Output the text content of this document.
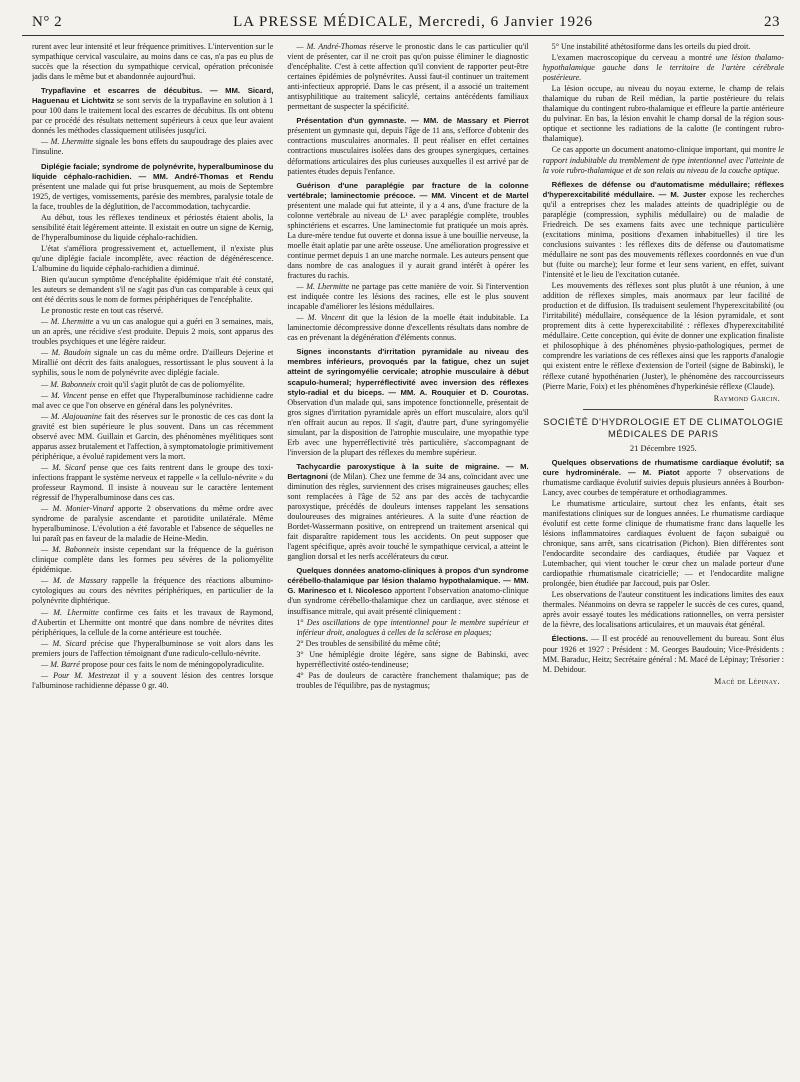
N° 2	LA PRESSE MÉDICALE, Mercredi, 6 Janvier 1926	23

rurent avec leur intensité et leur fréquence primitives. L'intervention sur le sympathique cervical vasculaire, au moins dans ce cas, n'a pas eu plus de succès que la résection du sympathique cervical, opération préconisée jadis dans le même but et abandonnée aujourd'hui.

Trypaflavine et escarres de décubitus. — MM. Sicard, Haguenau et Lichtwitz se sont servis de la trypaflavine en solution à 1 pour 100 dans le traitement local des escarres de décubitus. Ils ont obtenu par ce procédé des résultats nettement supérieurs à ceux que leur avaient donnés les méthodes classiquement utilisées jusqu'ici.

— M. Lhermitte signale les bons effets du saupoudrage des plaies avec l'insuline.

Diplégie faciale; syndrome de polynévrite, hyperalbuminose du liquide céphalo-rachidien. — MM. André-Thomas et Rendu présentent une malade qui fut prise brusquement, au mois de Septembre 1925, de vertiges, vomissements, parésie des membres, paralysie totale de la face, troubles de la déglutition, de l'accommodation, tachycardie.

Au début, tous les réflexes tendineux et périostés étaient abolis, la sensibilité était légèrement atteinte. Il existait en outre un signe de Kernig, de l'hyperalbuminose du liquide céphalo-rachidien.

L'état s'améliora progressivement et, actuellement, il n'existe plus qu'une diplégie faciale incomplète, avec réaction de dégénérescence. L'albumine du liquide céphalo-rachidien a diminué.

Bien qu'aucun symptôme d'encéphalite épidémique n'ait été constaté, les auteurs se demandent s'il ne s'agit pas d'un cas comparable à ceux qui ont été décrits sous le nom de formes périphériques de l'encéphalite.

Le pronostic reste en tout cas réservé.

— M. Lhermitte a vu un cas analogue qui a guéri en 3 semaines, mais, un an après, une récidive s'est produite. Depuis 2 mois, sont apparus des troubles psychiques et une légère raideur.

— M. Baudoin signale un cas du même ordre. D'ailleurs Dejerine et Mirallié ont décrit des faits analogues, ressortissant le plus souvent à la syphilis, sous le nom de polynévrite avec diplégie faciale.

— M. Babonneix croit qu'il s'agit plutôt de cas de poliomyélite.

— M. Vincent pense en effet que l'hyperalbuminose rachidienne cadre mal avec ce que l'on observe en général dans les polynévrites.

— M. Alajouanine fait des réserves sur le pronostic de ces cas dont la gravité est bien supérieure le plus souvent. Dans un cas récemment observé avec MM. Guillain et Garcin, des phénomènes myélitiques sont apparus assez brutalement et l'affection, à symptomatologie primitivement périphérique, a évolué rapidement vers la mort.

— M. Sicard pense que ces faits rentrent dans le groupe des toxi-infections frappant le système nerveux et rappelle « la cellulo-névrite » du professeur Raymond. Il insiste à nouveau sur le caractère lentement régressif de l'hyperalbuminose dans ces cas.

— M. Monier-Vinard apporte 2 observations du même ordre avec syndrome de paralysie ascendante et parotidite unilatérale. Même hyperalbuminose. L'évolution a été favorable et l'absence de séquelles ne lui paraît pas en faveur de la maladie de Heine-Medin.

— M. Babonneix insiste cependant sur la fréquence de la guérison clinique complète dans les formes peu sévères de la poliomyélite épidémique.

— M. de Massary rappelle la fréquence des réactions albumino-cytologiques au cours des névrites périphériques, en particulier de la polynévrite diphtérique.

— M. Lhermitte confirme ces faits et les travaux de Raymond, d'Aubertin et Lhermitte ont montré que dans nombre de névrites dites périphériques, la cellule de la corne antérieure est touchée.

— M. Sicard précise que l'hyperalbuminose se voit alors dans les premiers jours de l'affection témoignant d'une radiculo-cellulo-névrite.

— M. Barré propose pour ces faits le nom de méningopolyradiculite.

— Pour M. Mestrezat il y a souvent lésion des centres lorsque l'albuminose rachidienne dépasse 0 gr. 40.

— M. André-Thomas réserve le pronostic dans le cas particulier qu'il vient de présenter, car il ne croit pas qu'on puisse éliminer le diagnostic d'encéphalite. C'est à cette affection qu'il convient de rapporter peut-être certaines épidémies de polynévrites. Aussi faut-il continuer un traitement anti-infectieux approprié. Dans le cas présent, il a associé un traitement antisyphilitique au traitement salicylé, certains antécédents familiaux permettant de suspecter la spécificité.

Présentation d'un gymnaste. — MM. de Massary et Pierrot présentent un gymnaste qui, depuis l'âge de 11 ans, s'efforce d'obtenir des contractions musculaires anormales. Il peut réaliser en effet certaines contractions musculaires isolées dans des groupes synergiques, certaines déformations articulaires des plus curieuses auxquelles il est arrivé par de patientes études depuis l'enfance.

Guérison d'une paraplégie par fracture de la colonne vertébrale; laminectomie précoce. — MM. Vincent et de Martel présentent une malade qui fut atteinte, il y a 4 ans, d'une fracture de la colonne vertébrale au niveau de L¹ avec paraplégie complète, troubles sphinctériens et escarres. Une laminectomie fut pratiquée un mois après. La dure-mère tendue fut ouverte et donna issue à une bouillie nerveuse, la moelle était aplatie par une arête osseuse. Une amélioration progressive et continue permet depuis 1 an une marche normale. Les auteurs pensent que dans nombre de cas analogues il y aurait grand intérêt à opérer les fractures du rachis.

— M. Lhermitte ne partage pas cette manière de voir. Si l'intervention est indiquée contre les lésions des racines, elle est le plus souvent incapable d'améliorer les lésions médullaires.

— M. Vincent dit que la lésion de la moelle était indubitable. La laminectomie décompressive donne d'excellents résultats dans nombre de cas en prévenant la dégénération d'éléments connus.

Signes inconstants d'irritation pyramidale au niveau des membres inférieurs, provoqués par la fatigue, chez un sujet atteint de syringomyélie cervicale; atrophie musculaire à début scapulo-humeral; hyperréflectivité avec inversion des réflexes stylo-radial et du biceps. — MM. A. Rouquier et D. Courotas. Observation d'un malade qui, sans impotence fonctionnelle, présentait de gros signes d'irritation pyramidale après un effort musculaire, alors qu'il n'en offrait aucun au repos. Il s'agit, d'autre part, d'une syringomyélie simulant, par la disposition de l'atrophie musculaire, une myopathie type Erb avec une hyperréflectivité très particulière, s'accompagnant de l'inversion de la plupart des réflexes du membre supérieur.

Tachycardie paroxystique à la suite de migraine. — M. Bertagnoni (de Milan). Chez une femme de 34 ans, coïncidant avec une diminution des règles, surviennent des crises migraineuses gauches; elles sont remplacées à l'âge de 52 ans par des accès de tachycardie paroxystique, précédés de douleurs intenses rappelant les sensations douloureuses des migraines antérieures. A la suite d'une réaction de Bordet-Wassermann positive, on entreprend un traitement arsenical qui fait disparaître rapidement tous les accidents. On peut supposer que l'agent spécifique, après avoir touché le sympathique cervical, a atteint le ganglion dorsal et les nerfs accélérateurs du cœur.

Quelques données anatomo-cliniques à propos d'un syndrome cérébello-thalamique par lésion thalamo hypothalamique. — MM. G. Marinesco et I. Nicolesco apportent l'observation anatomo-clinique d'un syndrome cérébello-thalamique chez un cardiaque, avec sténose et insuffisance mitrale, qui avait présenté cliniquement :

1° Des oscillations de type intentionnel pour le membre supérieur et inférieur droit, analogues à celles de la sclérose en plaques;
2° Des troubles de sensibilité du même côté;
3° Une hémiplégie droite légère, sans signe de Babinski, avec hyperréflectivité ostéo-tendineuse;
4° Pas de douleurs de caractère franchement thalamique; pas de troubles de l'équilibre, pas de nystagmus;

5° Une instabilité athétosiforme dans les orteils du pied droit.

L'examen macroscopique du cerveau a montré une lésion thalamo-hypothalamique gauche dans le territoire de l'artère cérébrale postérieure.

La lésion occupe, au niveau du noyau externe, le champ de relais thalamique du ruban de Reil médian, la partie postérieure du relais thalamique du contingent rubro-thalamique et effleure la partie antérieure du pulvinar. En bas, la lésion envahit le champ dorsal de la région sous-optique et sectionne les radiations de la calotte (le contingent rubro-thalamique).

Ce cas apporte un document anatomo-clinique important, qui montre le rapport indubitable du tremblement de type intentionnel avec l'atteinte de la voie rubro-thalamique et de son relais au niveau de la couche optique.

Réflexes de défense ou d'automatisme médullaire; réflexes d'hyperexcitabilité médullaire. — M. Juster expose les recherches qu'il a entreprises chez les malades atteints de quadriplégie ou de paraplégie (compression, syphilis médullaire) ou de maladie de Friedreich. De ses examens faits avec une technique particulière (excitations minima, positions d'examen inhabituelles) il tire les conclusions suivantes : les réflexes dits de défense ou d'automatisme médullaire ne sont pas des mouvements réflexes coordonnés en vue d'un but (fuite ou marche); leur forme et leur sens varient, en effet, suivant l'intensité et le lieu de l'excitation cutanée.

Les mouvements des réflexes sont plus plutôt à une réunion, à une addition de réflexes simples, mais anormaux par leur facilité de production et de diffusion. Ils traduisent seulement l'hyperexcitabilité (ou l'irritabilité) médullaire, conséquence de la lésion pyramidale, et sont proprement dits à cette hyperexcitabilité : réflexes d'hyperexcitabilité médullaire. Cette conception, qui évite de donner une explication finaliste et philosophique à des phénomènes physio-pathologiques, permet de comprendre les variations de ces réflexes ainsi que les rapports d'analogie qui existent entre le réflexe d'extension de l'orteil (signe de Babinski), le réflexe cutané hypothénarien (Juster), le phénomène des raccourcisseurs (Pierre Marie, Foix) et les phénomènes d'hyperkinésie réflexe (Claude).

Raymond Garcin.
SOCIÉTÉ D'HYDROLOGIE ET DE CLIMATOLOGIE MÉDICALES DE PARIS
21 Décembre 1925.

Quelques observations de rhumatisme cardiaque évolutif; sa cure hydrominérale. — M. Piatot apporte 7 observations de rhumatisme cardiaque évolutif suivies depuis plusieurs années à Bourbon-Lancy, avec courbes de température et orthodiagrammes.

Le rhumatisme articulaire, surtout chez les enfants, était ses manifestations cliniques sur de longues années. Le rhumatisme cardiaque évolutif est cette forme clinique de rhumatisme franc dans laquelle les lésions inflammatoires cardiaques évoluent de façon subaiguë ou chronique, sans arrêt, sans cicatrisation (Pichon). Bien différentes sont l'endocardite secondaire des cardiaques, étudiée par Vaquez et Lutembacher, qui vient toucher le cœur chez un malade porteur d'une cardiopathie rhumatismale cicatricielle; — et l'endocardite maligne prolongée, bien étudiée par Jaccoud, puis par Osler.

Les observations de l'auteur constituent les indications limites des eaux thermales. Néanmoins on devra se rappeler le succès de ces cures, quand, après avoir essayé toutes les médications rationnelles, on verra persister de la fièvre, des localisations articulaires, et un mauvais état général.

Élections. — Il est procédé au renouvellement du bureau. Sont élus pour 1926 et 1927 : Président : M. Georges Baudouin; Vice-Présidents : MM. Baraduc, Heitz; Secrétaire général : M. Macé de Lépinay; Trésorier : M. Debidour.

Macé de Lépinay.
